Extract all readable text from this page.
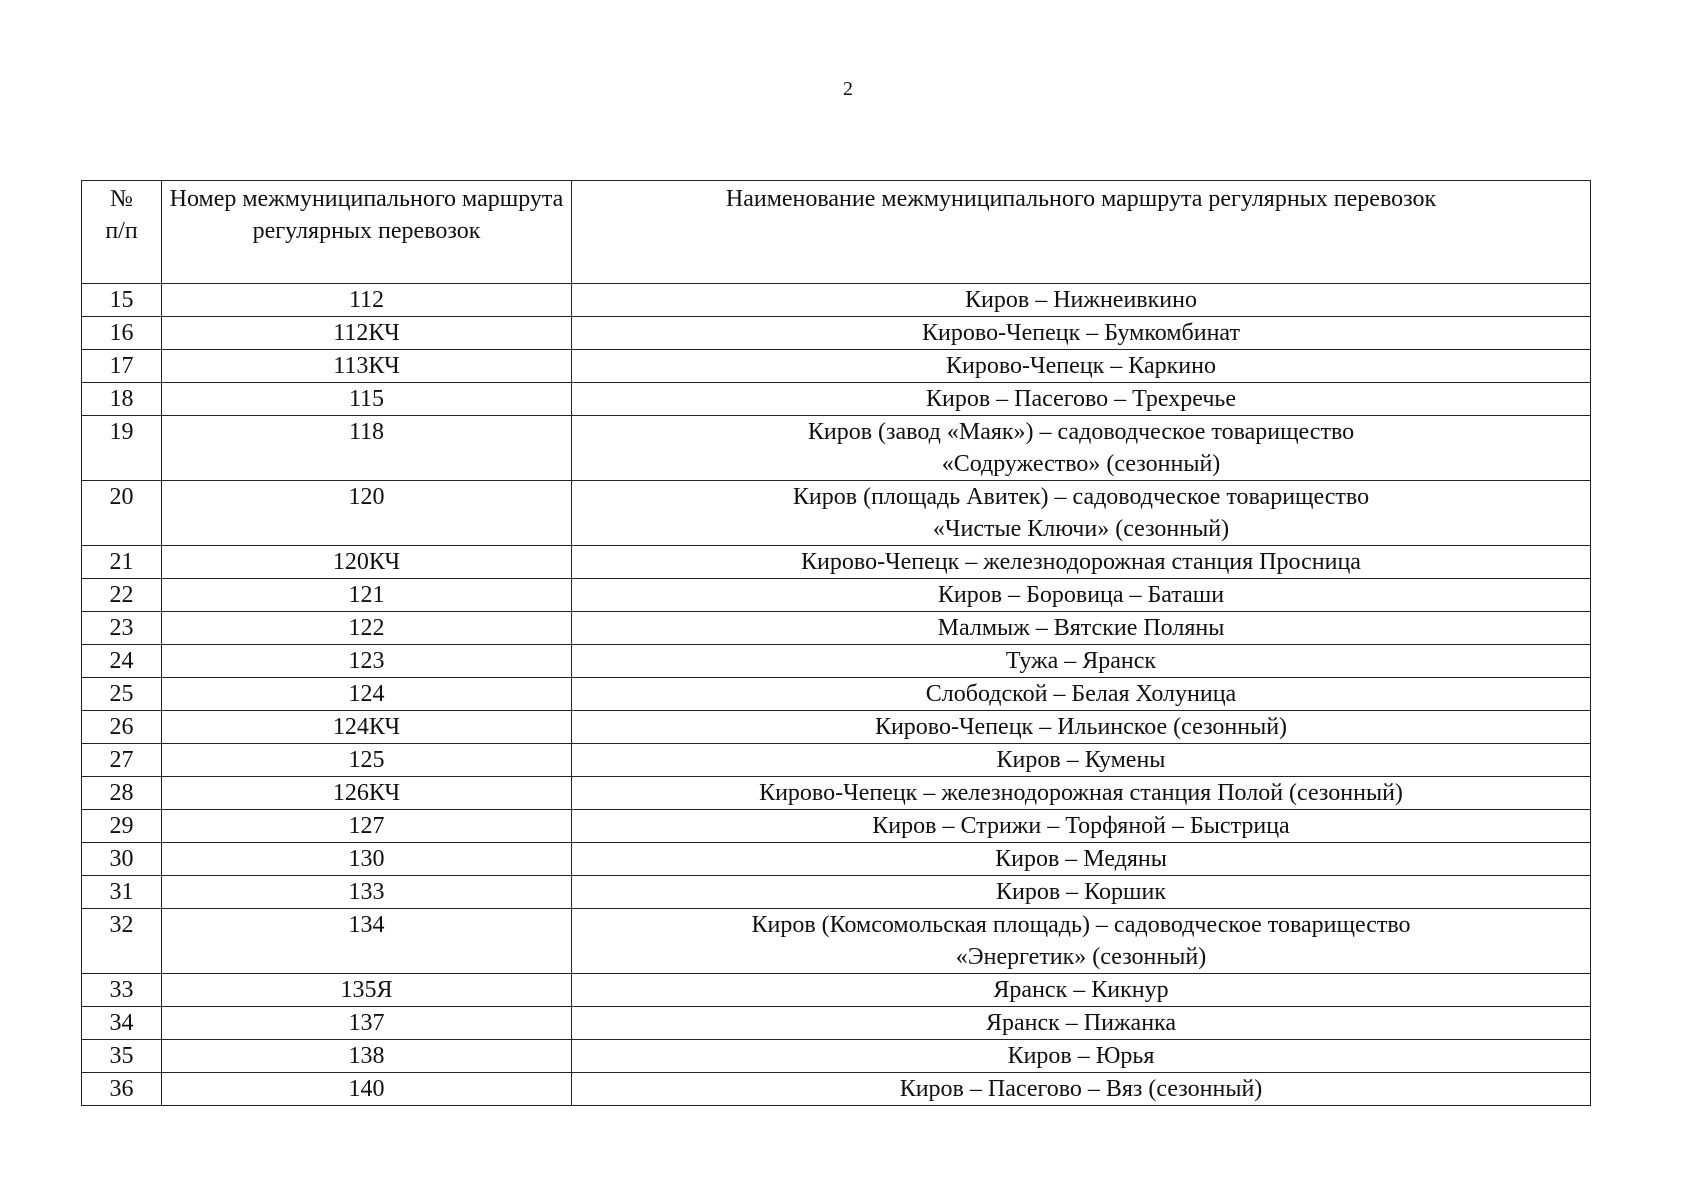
2
№
п/п	Номер межмуниципального маршрута регулярных перевозок	Наименование межмуниципального маршрута регулярных перевозок
15	112	Киров – Нижнеивкино
16	112КЧ	Кирово-Чепецк – Бумкомбинат
17	113КЧ	Кирово-Чепецк – Каркино
18	115	Киров – Пасегово – Трехречье
19	118	Киров (завод «Маяк») – садоводческое товарищество
«Содружество» (сезонный)
20	120	Киров (площадь Авитек) – садоводческое товарищество
«Чистые Ключи» (сезонный)
21	120КЧ	Кирово-Чепецк – железнодорожная станция Просница
22	121	Киров – Боровица – Баташи
23	122	Малмыж – Вятские Поляны
24	123	Тужа – Яранск
25	124	Слободской – Белая Холуница
26	124КЧ	Кирово-Чепецк – Ильинское (сезонный)
27	125	Киров – Кумены
28	126КЧ	Кирово-Чепецк – железнодорожная станция Полой (сезонный)
29	127	Киров – Стрижи – Торфяной – Быстрица
30	130	Киров – Медяны
31	133	Киров – Коршик
32	134	Киров (Комсомольская площадь) – садоводческое товарищество
«Энергетик» (сезонный)
33	135Я	Яранск – Кикнур
34	137	Яранск – Пижанка
35	138	Киров – Юрья
36	140	Киров – Пасегово – Вяз (сезонный)
